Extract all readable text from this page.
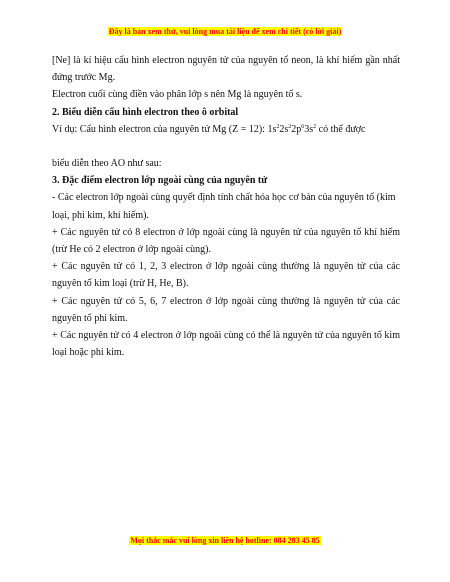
Đây là bản xem thử, vui lòng mua tài liệu để xem chi tiết (có lời giải)

[Ne] là kí hiệu cấu hình electron nguyên tử của nguyên tố neon, là khí hiếm gần nhất đứng trước Mg.

Electron cuối cùng điền vào phân lớp s nên Mg là nguyên tố s.

2. Biểu diễn cấu hình electron theo ô orbital

Ví dụ: Cấu hình electron của nguyên tử Mg (Z = 12): $1s^22s^22p^63s^2$ có thể được

biểu diễn theo AO như sau:

3. Đặc điểm electron lớp ngoài cùng của nguyên tử

- Các electron lớp ngoài cùng quyết định tính chất hóa học cơ bản của nguyên tố (kim loại, phi kim, khí hiếm).

+ Các nguyên tử có 8 electron ở lớp ngoài cùng là nguyên tử của nguyên tố khí hiếm (trừ He có 2 electron ở lớp ngoài cùng).

+ Các nguyên tử có 1, 2, 3 electron ở lớp ngoài cùng thường là nguyên tử của các nguyên tố kim loại (trừ H, He, B).

+ Các nguyên tử có 5, 6, 7 electron ở lớp ngoài cùng thường là nguyên tử của các nguyên tố phi kim.

+ Các nguyên tử có 4 electron ở lớp ngoài cùng có thể là nguyên tử của nguyên tố kim loại hoặc phi kim.

Mọi thắc mắc vui lòng xin liên hệ hotline: 084 283 45 85
